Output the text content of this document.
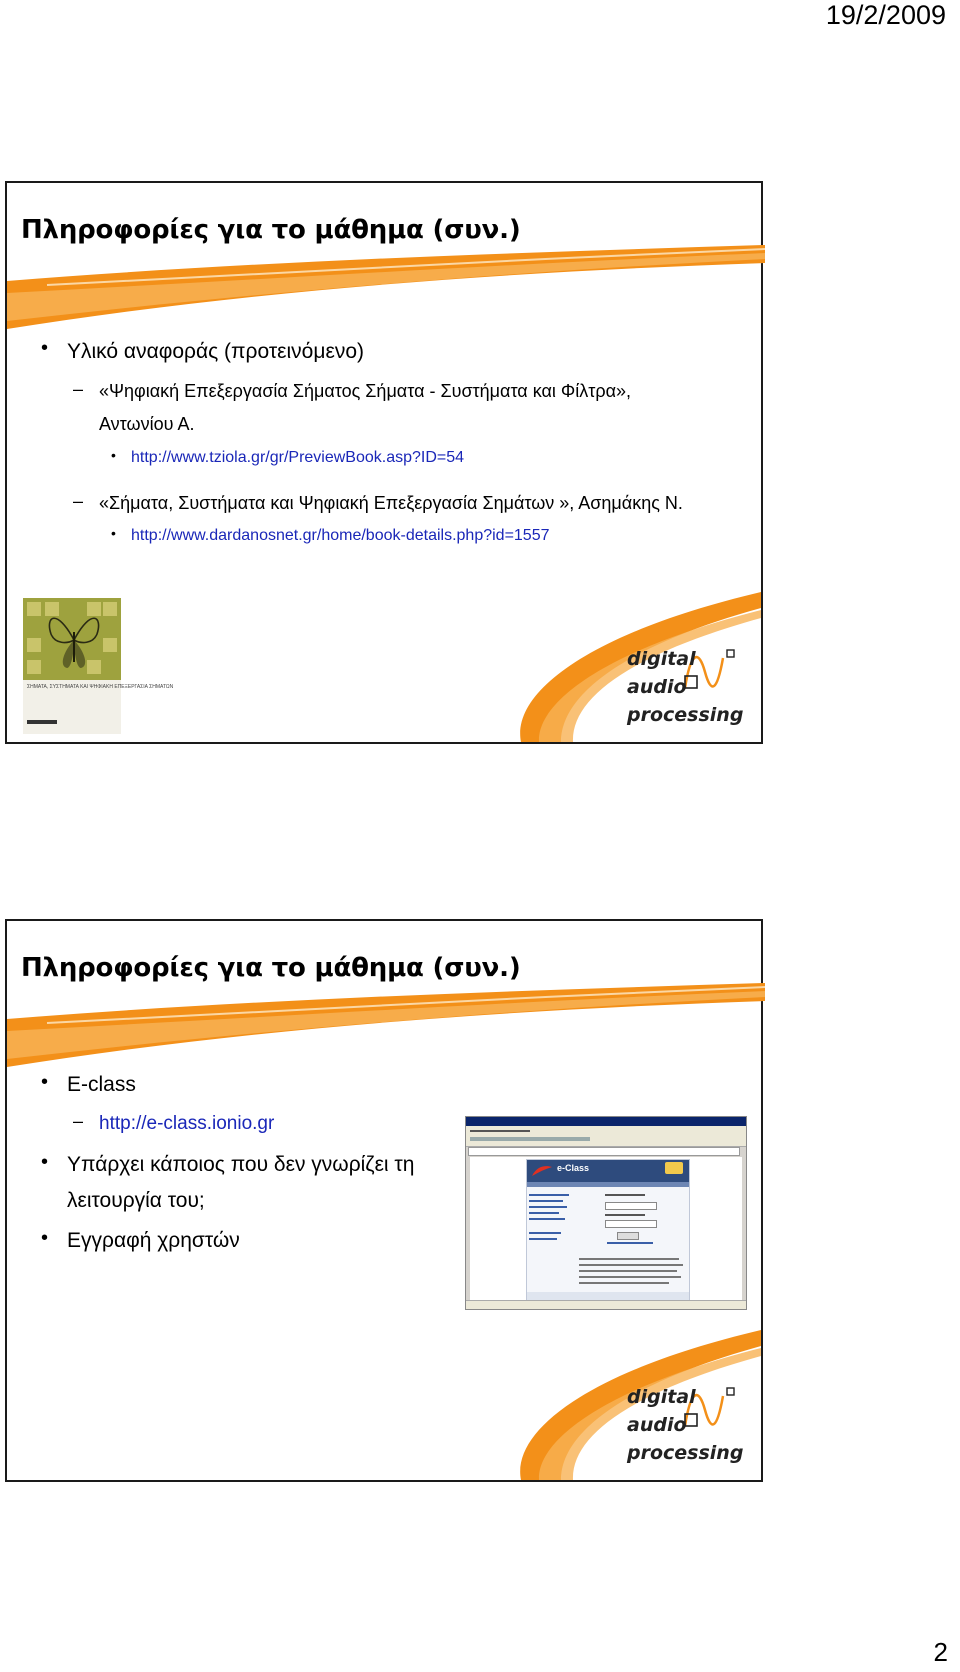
19/2/2009
Πληροφορίες για το μάθημα (συν.)
• Υλικό αναφοράς (προτεινόμενο)
– «Ψηφιακή Επεξεργασία Σήματος Σήματα - Συστήματα και Φίλτρα»,
Αντωνίου Α.
• http://www.tziola.gr/gr/PreviewBook.asp?ID=54
– «Σήματα, Συστήματα και Ψηφιακή Επεξεργασία Σημάτων », Ασημάκης Ν.
• http://www.dardanosnet.gr/home/book-details.php?id=1557
ΣΗΜΑΤΑ, ΣΥΣΤΗΜΑΤΑ ΚΑΙ ΨΗΦΙΑΚΗ ΕΠΕΞΕΡΓΑΣΙΑ ΣΗΜΑΤΩΝ
digital
audio
processing
Πληροφορίες για το μάθημα (συν.)
• E-class
– http://e-class.ionio.gr
• Υπάρχει κάποιος που δεν γνωρίζει τη
λειτουργία του;
• Εγγραφή χρηστών
e-Class
digital
audio
processing
2
